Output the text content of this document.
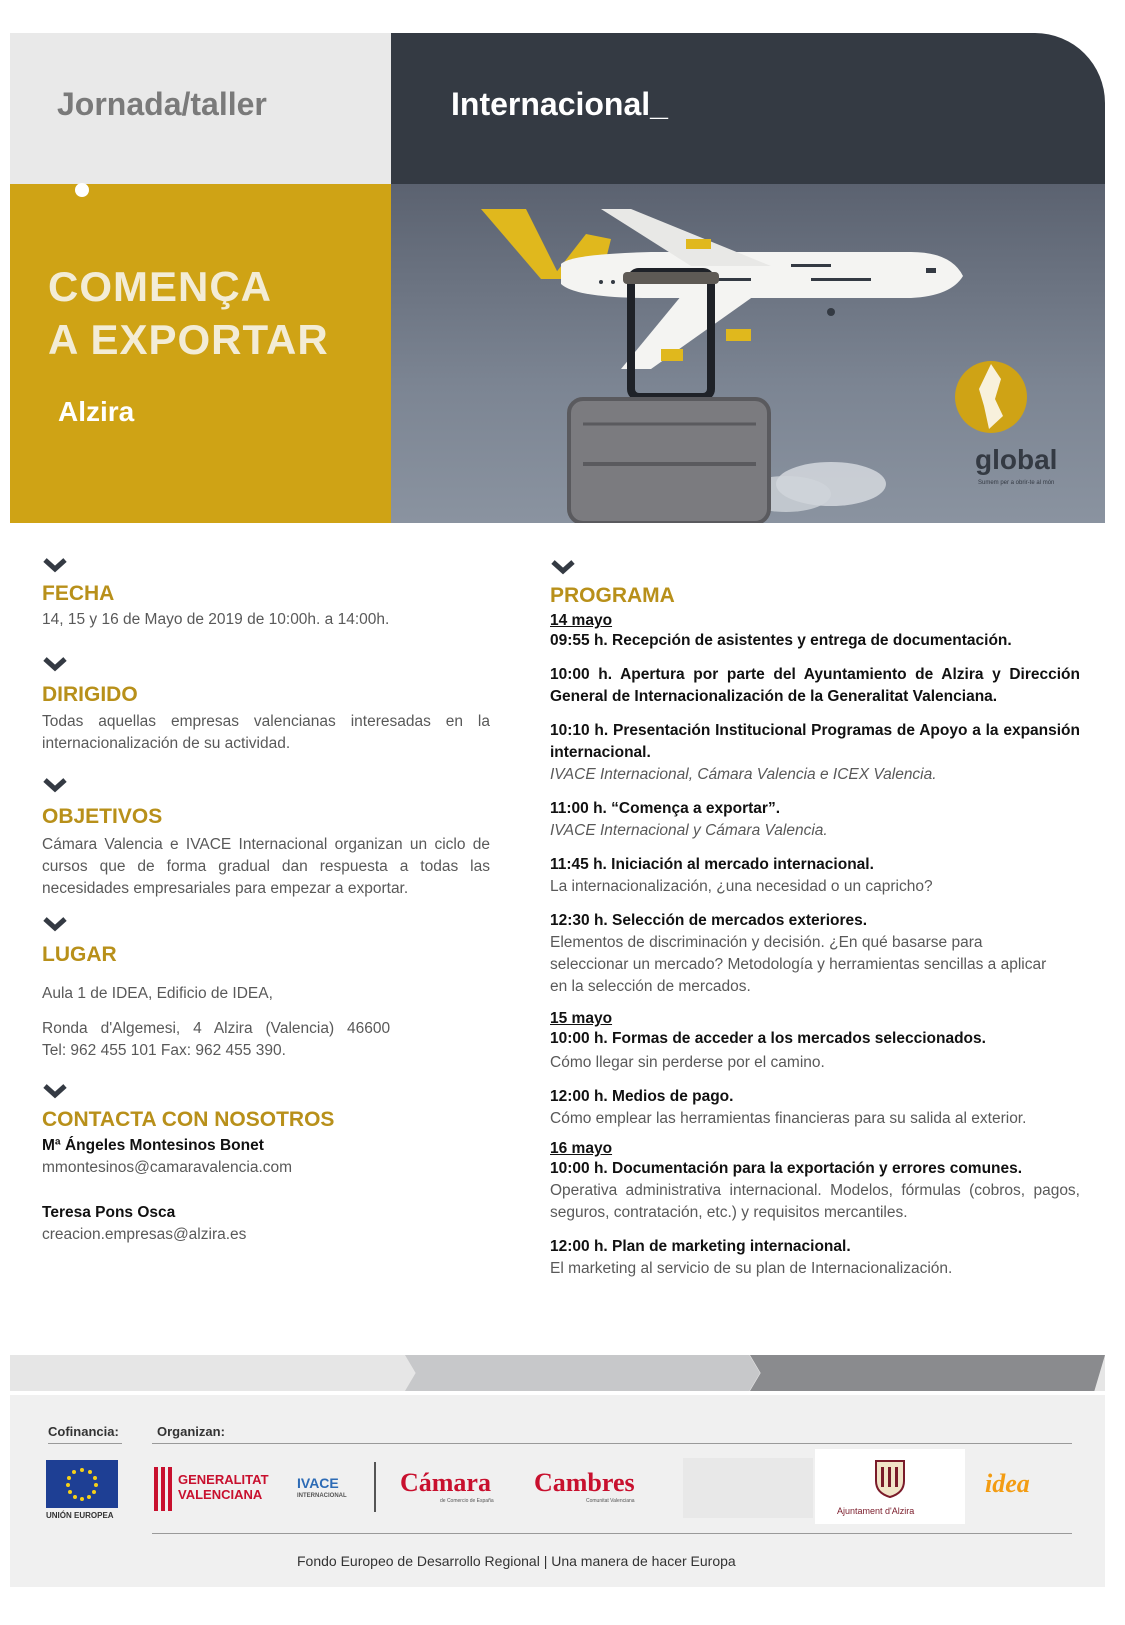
Jornada/taller	Internacional_
COMENÇA
A EXPORTAR
Alzira
global
Sumem per a obrir-te al món
FECHA
14, 15 y 16 de Mayo de 2019 de 10:00h. a 14:00h.
DIRIGIDO
Todas aquellas empresas valencianas interesadas en la internacionalización de su actividad.
OBJETIVOS
Cámara Valencia e IVACE Internacional organizan un ciclo de cursos que de forma gradual dan respuesta a todas las necesidades empresariales para empezar a exportar.
LUGAR
Aula 1 de IDEA, Edificio de IDEA,
Ronda   d'Algemesi,   4   Alzira   (Valencia)   46600
Tel: 962 455 101 Fax: 962 455 390.
CONTACTA CON NOSOTROS
Mª Ángeles Montesinos Bonet
mmontesinos@camaravalencia.com
Teresa Pons Osca
creacion.empresas@alzira.es
PROGRAMA
14 mayo
09:55 h. Recepción de asistentes y entrega de documentación.
10:00 h. Apertura por parte del Ayuntamiento de Alzira y Dirección General de Internacionalización de la Generalitat Valenciana.
10:10 h. Presentación Institucional Programas de Apoyo a la expansión internacional.
IVACE Internacional, Cámara Valencia e ICEX Valencia.
11:00 h. “Comença a exportar”.
IVACE Internacional y Cámara Valencia.
11:45 h. Iniciación al mercado internacional.
La internacionalización, ¿una necesidad o un capricho?
12:30 h. Selección de mercados exteriores.
Elementos de discriminación y decisión. ¿En qué basarse para seleccionar un mercado? Metodología y herramientas sencillas a aplicar en la selección de mercados.
15 mayo
10:00 h. Formas de acceder a los mercados seleccionados.
Cómo llegar sin perderse por el camino.
12:00 h. Medios de pago.
Cómo emplear las herramientas financieras para su salida al exterior.
16 mayo
10:00 h. Documentación para la exportación y errores comunes.
Operativa administrativa internacional. Modelos, fórmulas (cobros, pagos, seguros, contratación, etc.) y requisitos mercantiles.
12:00 h. Plan de marketing internacional.
El marketing al servicio de su plan de Internacionalización.
Cofinancia:	Organizan:
UNIÓN EUROPEA
GENERALITAT
VALENCIANA
IVACE
INTERNACIONAL Cámara
de Comercio de España
Cambres
Comunitat Valenciana
Ajuntament d'Alzira
idea
Fondo Europeo de Desarrollo Regional | Una manera de hacer Europa
